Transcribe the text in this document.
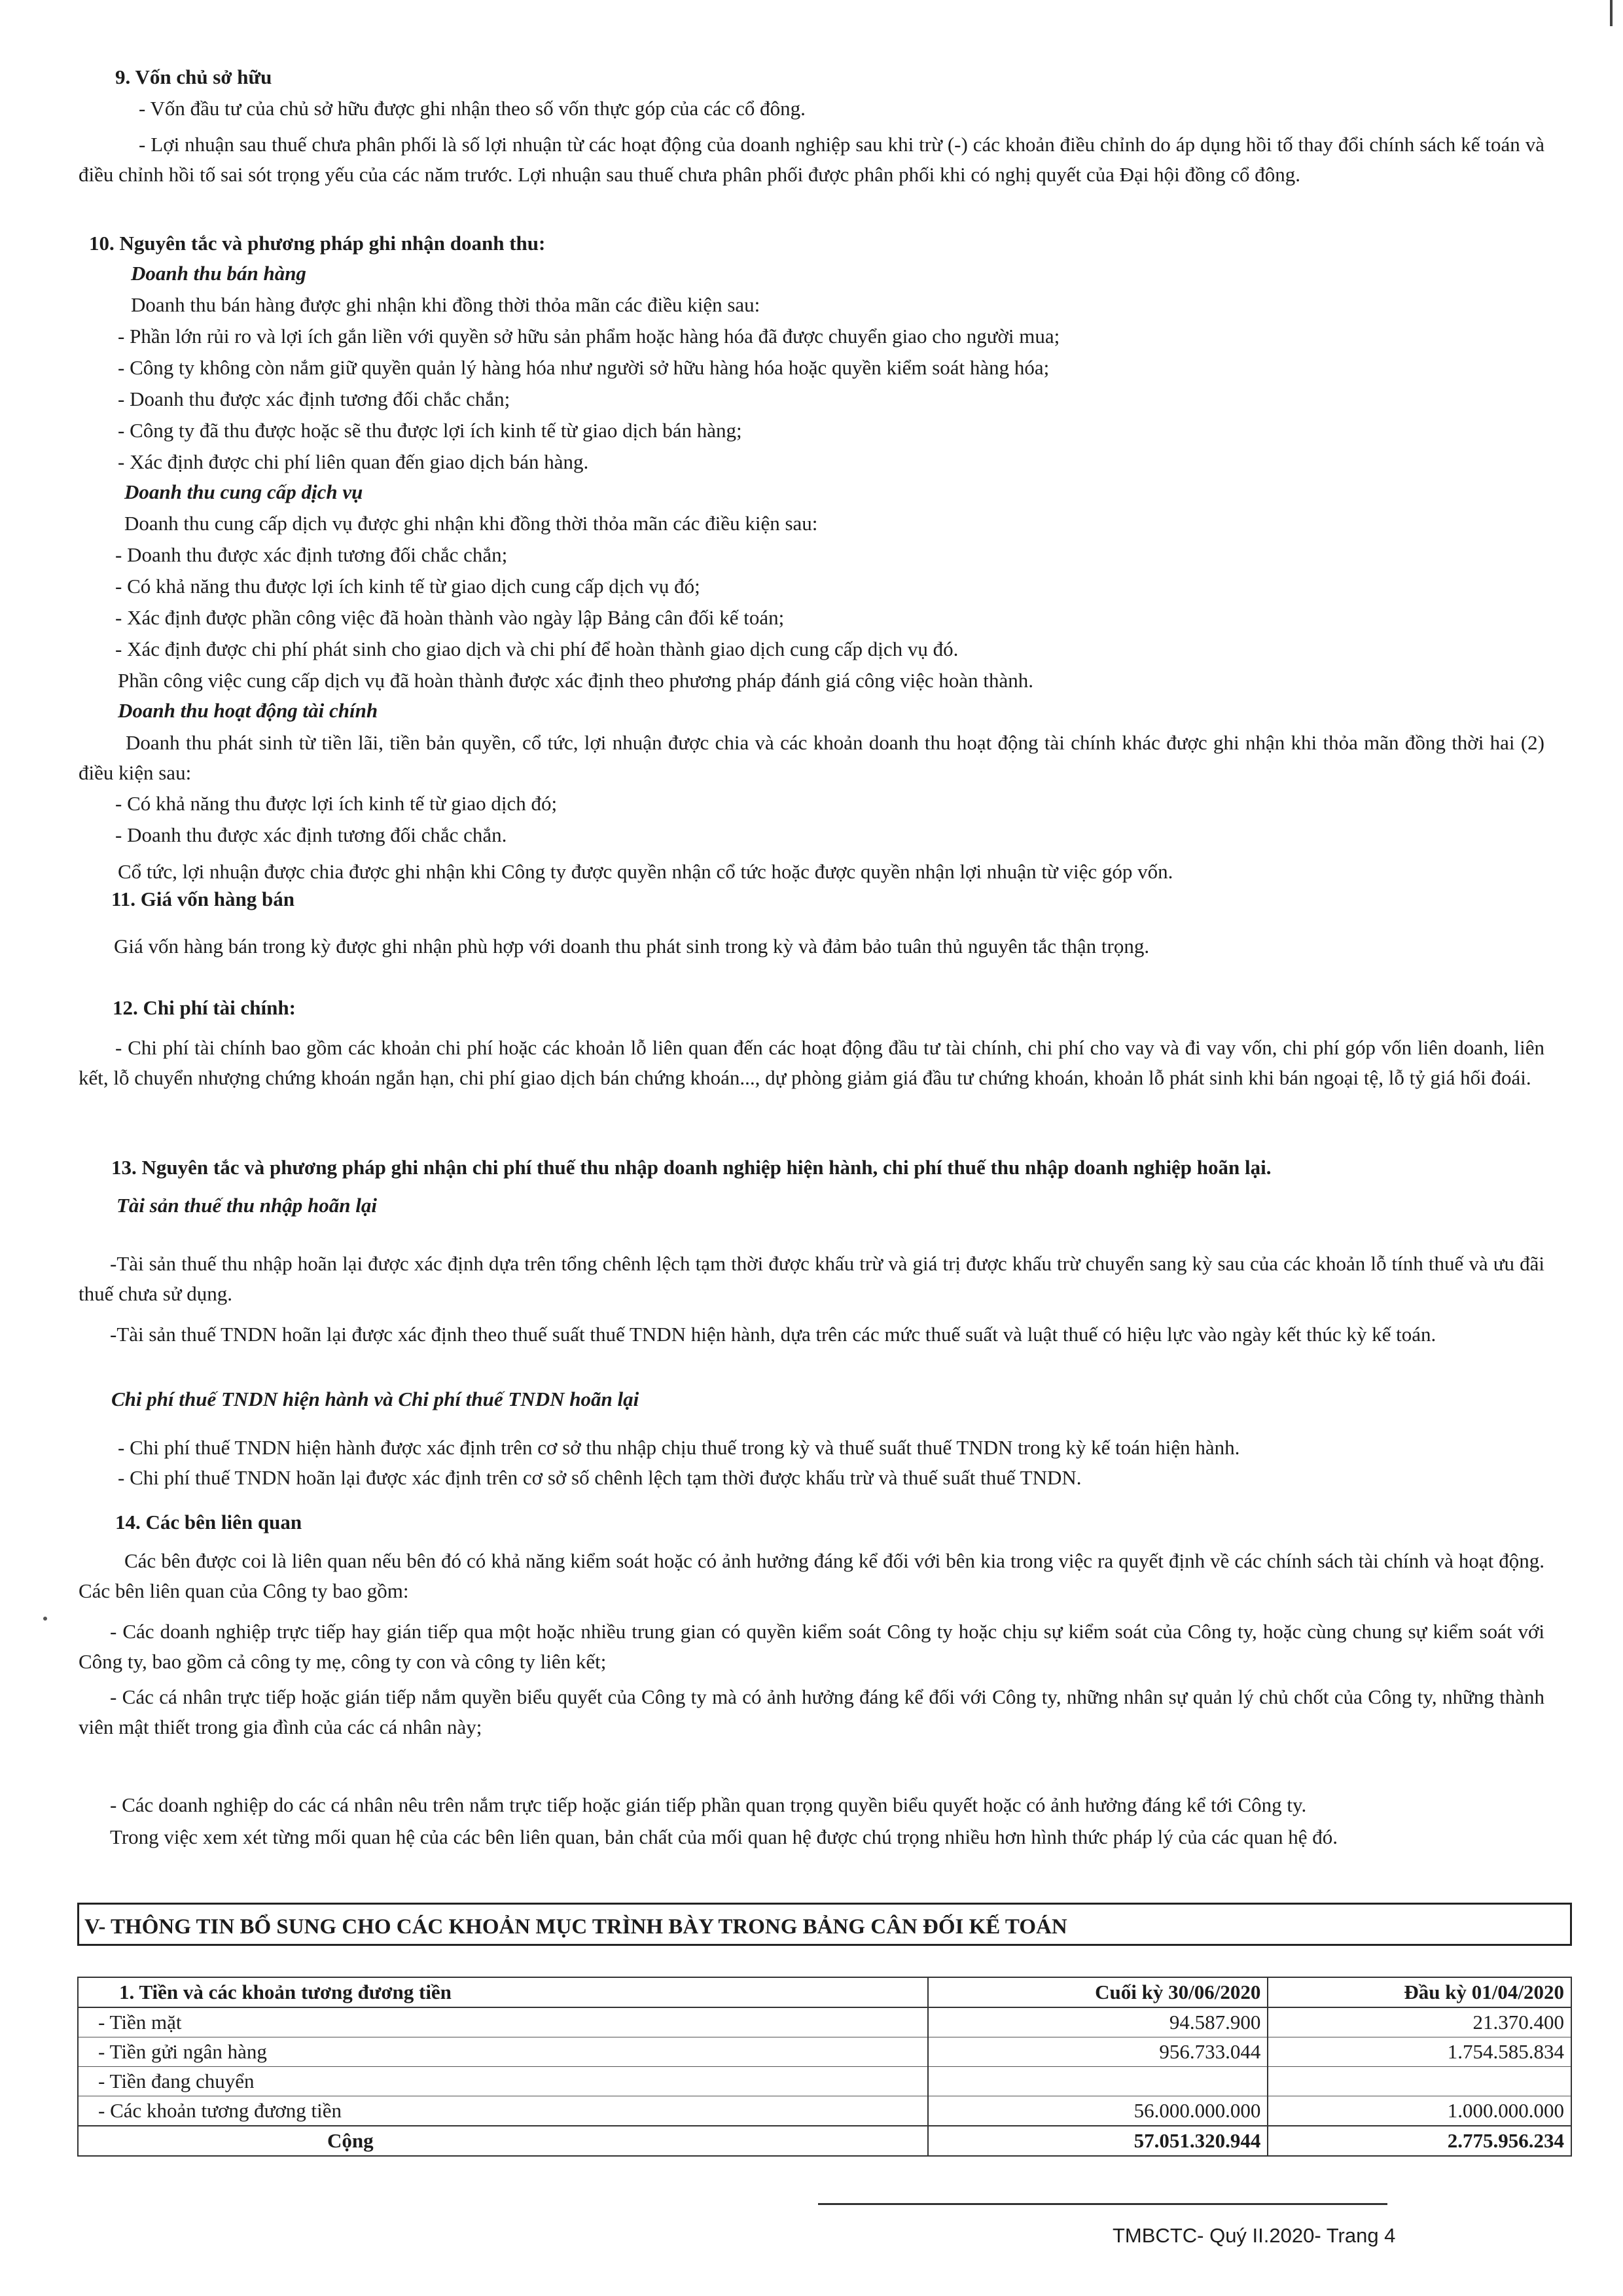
9. Vốn chủ sở hữu
- Vốn đầu tư của chủ sở hữu được ghi nhận theo số vốn thực góp của các cổ đông.
- Lợi nhuận sau thuế chưa phân phối là số lợi nhuận từ các hoạt động của doanh nghiệp sau khi trừ (-) các khoản điều chỉnh do áp dụng hồi tố thay đổi chính sách kế toán và điều chỉnh hồi tố sai sót trọng yếu của các năm trước. Lợi nhuận sau thuế chưa phân phối được phân phối khi có nghị quyết của Đại hội đồng cổ đông.
10. Nguyên tắc và phương pháp ghi nhận doanh thu:
Doanh thu bán hàng
Doanh thu bán hàng được ghi nhận khi đồng thời thỏa mãn các điều kiện sau:
- Phần lớn rủi ro và lợi ích gắn liền với quyền sở hữu sản phẩm hoặc hàng hóa đã được chuyển giao cho người mua;
- Công ty không còn nắm giữ quyền quản lý hàng hóa như người sở hữu hàng hóa hoặc quyền kiểm soát hàng hóa;
- Doanh thu được xác định tương đối chắc chắn;
- Công ty đã thu được hoặc sẽ thu được lợi ích kinh tế từ giao dịch bán hàng;
- Xác định được chi phí liên quan đến giao dịch bán hàng.
Doanh thu cung cấp dịch vụ
Doanh thu cung cấp dịch vụ được ghi nhận khi đồng thời thỏa mãn các điều kiện sau:
- Doanh thu được xác định tương đối chắc chắn;
- Có khả năng thu được lợi ích kinh tế từ giao dịch cung cấp dịch vụ đó;
- Xác định được phần công việc đã hoàn thành vào ngày lập Bảng cân đối kế toán;
- Xác định được chi phí phát sinh cho giao dịch và chi phí để hoàn thành giao dịch cung cấp dịch vụ đó.
Phần công việc cung cấp dịch vụ đã hoàn thành được xác định theo phương pháp đánh giá công việc hoàn thành.
Doanh thu hoạt động tài chính
Doanh thu phát sinh từ tiền lãi, tiền bản quyền, cổ tức, lợi nhuận được chia và các khoản doanh thu hoạt động tài chính khác được ghi nhận khi thỏa mãn đồng thời hai (2) điều kiện sau:
- Có khả năng thu được lợi ích kinh tế từ giao dịch đó;
- Doanh thu được xác định tương đối chắc chắn.
Cổ tức, lợi nhuận được chia được ghi nhận khi Công ty được quyền nhận cổ tức hoặc được quyền nhận lợi nhuận từ việc góp vốn.
11. Giá vốn hàng bán
Giá vốn hàng bán trong kỳ được ghi nhận phù hợp với doanh thu phát sinh trong kỳ và đảm bảo tuân thủ nguyên tắc thận trọng.
12. Chi phí tài chính:
- Chi phí tài chính bao gồm các khoản chi phí hoặc các khoản lỗ liên quan đến các hoạt động đầu tư tài chính, chi phí cho vay và đi vay vốn, chi phí góp vốn liên doanh, liên kết, lỗ chuyển nhượng chứng khoán ngắn hạn, chi phí giao dịch bán chứng khoán..., dự phòng giảm giá đầu tư chứng khoán, khoản lỗ phát sinh khi bán ngoại tệ, lỗ tỷ giá hối đoái.
13. Nguyên tắc và phương pháp ghi nhận chi phí thuế thu nhập doanh nghiệp hiện hành, chi phí thuế thu nhập doanh nghiệp hoãn lại.
Tài sản thuế thu nhập hoãn lại
-Tài sản thuế thu nhập hoãn lại được xác định dựa trên tổng chênh lệch tạm thời được khấu trừ và giá trị được khấu trừ chuyển sang kỳ sau của các khoản lỗ tính thuế và ưu đãi thuế chưa sử dụng.
-Tài sản thuế TNDN hoãn lại được xác định theo thuế suất thuế TNDN hiện hành, dựa trên các mức thuế suất và luật thuế có hiệu lực vào ngày kết thúc kỳ kế toán.
Chi phí thuế TNDN hiện hành và Chi phí thuế TNDN hoãn lại
- Chi phí thuế TNDN hiện hành được xác định trên cơ sở thu nhập chịu thuế trong kỳ và thuế suất thuế TNDN trong kỳ kế toán hiện hành.
- Chi phí thuế TNDN hoãn lại được xác định trên cơ sở số chênh lệch tạm thời được khấu trừ và thuế suất thuế TNDN.
14. Các bên liên quan
Các bên được coi là liên quan nếu bên đó có khả năng kiểm soát hoặc có ảnh hưởng đáng kể đối với bên kia trong việc ra quyết định về các chính sách tài chính và hoạt động. Các bên liên quan của Công ty bao gồm:
- Các doanh nghiệp trực tiếp hay gián tiếp qua một hoặc nhiều trung gian có quyền kiểm soát Công ty hoặc chịu sự kiểm soát của Công ty, hoặc cùng chung sự kiểm soát với Công ty, bao gồm cả công ty mẹ, công ty con và công ty liên kết;
- Các cá nhân trực tiếp hoặc gián tiếp nắm quyền biểu quyết của Công ty mà có ảnh hưởng đáng kể đối với Công ty, những nhân sự quản lý chủ chốt của Công ty, những thành viên mật thiết trong gia đình của các cá nhân này;
- Các doanh nghiệp do các cá nhân nêu trên nắm trực tiếp hoặc gián tiếp phần quan trọng quyền biểu quyết hoặc có ảnh hưởng đáng kể tới Công ty.
Trong việc xem xét từng mối quan hệ của các bên liên quan, bản chất của mối quan hệ được chú trọng nhiều hơn hình thức pháp lý của các quan hệ đó.
V- THÔNG TIN BỔ SUNG CHO CÁC KHOẢN MỤC TRÌNH BÀY TRONG BẢNG CÂN ĐỐI KẾ TOÁN
1. Tiền và các khoản tương đương tiền	Cuối kỳ 30/06/2020	Đầu kỳ 01/04/2020
- Tiền mặt	94.587.900	21.370.400
- Tiền gửi ngân hàng	956.733.044	1.754.585.834
- Tiền đang chuyển		
- Các khoản tương đương tiền	56.000.000.000	1.000.000.000
Cộng	57.051.320.944	2.775.956.234
TMBCTC- Quý II.2020- Trang 4
